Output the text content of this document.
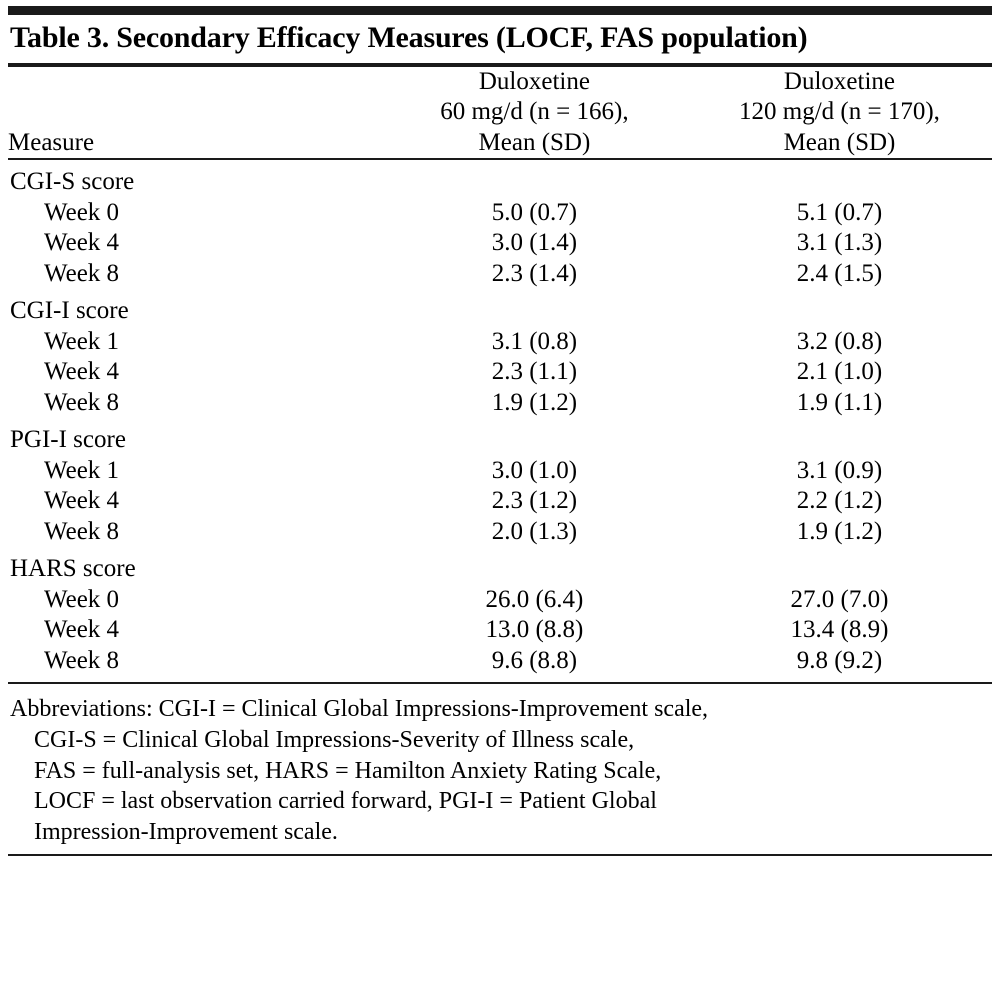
Table 3. Secondary Efficacy Measures (LOCF, FAS population)
Measure

Duloxetine
60 mg/d (n = 166),
Mean (SD)

Duloxetine
120 mg/d (n = 170),
Mean (SD)
CGI-S score		
Week 0	5.0 (0.7)	5.1 (0.7)
Week 4	3.0 (1.4)	3.1 (1.3)
Week 8	2.3 (1.4)	2.4 (1.5)
CGI-I score		
Week 1	3.1 (0.8)	3.2 (0.8)
Week 4	2.3 (1.1)	2.1 (1.0)
Week 8	1.9 (1.2)	1.9 (1.1)
PGI-I score		
Week 1	3.0 (1.0)	3.1 (0.9)
Week 4	2.3 (1.2)	2.2 (1.2)
Week 8	2.0 (1.3)	1.9 (1.2)
HARS score		
Week 0	26.0 (6.4)	27.0 (7.0)
Week 4	13.0 (8.8)	13.4 (8.9)
Week 8	9.6 (8.8)	9.8 (9.2)

Abbreviations: CGI-I = Clinical Global Impressions-Improvement scale,
CGI-S = Clinical Global Impressions-Severity of Illness scale,
FAS = full-analysis set, HARS = Hamilton Anxiety Rating Scale,
LOCF = last observation carried forward, PGI-I = Patient Global
Impression-Improvement scale.
